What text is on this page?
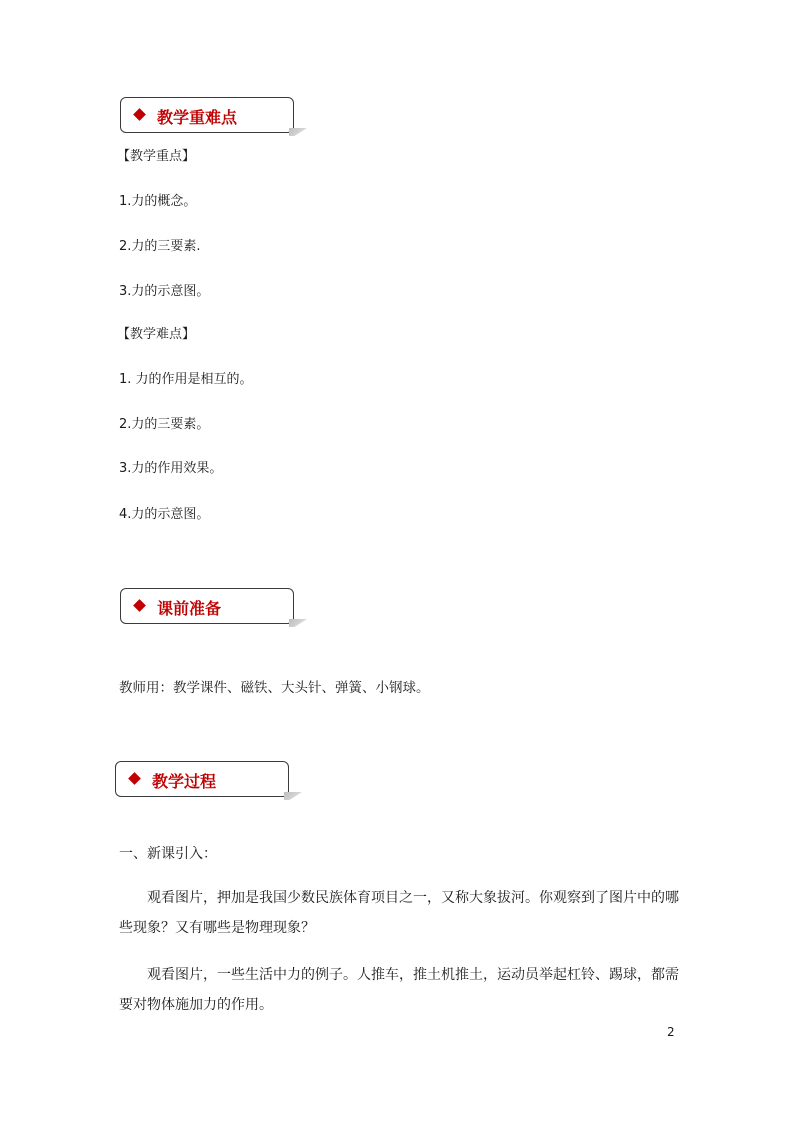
教学重难点
【教学重点】
1.力的概念。
2.力的三要素.
3.力的示意图。
【教学难点】
1. 力的作用是相互的。
2.力的三要素。
3.力的作用效果。
4.力的示意图。
课前准备
教师用：教学课件、磁铁、大头针、弹簧、小钢球。
教学过程
一、新课引入：
观看图片，押加是我国少数民族体育项目之一，又称大象拔河。你观察到了图片中的哪些现象？又有哪些是物理现象？
观看图片，一些生活中力的例子。人推车，推土机推土，运动员举起杠铃、踢球，都需要对物体施加力的作用。
2
